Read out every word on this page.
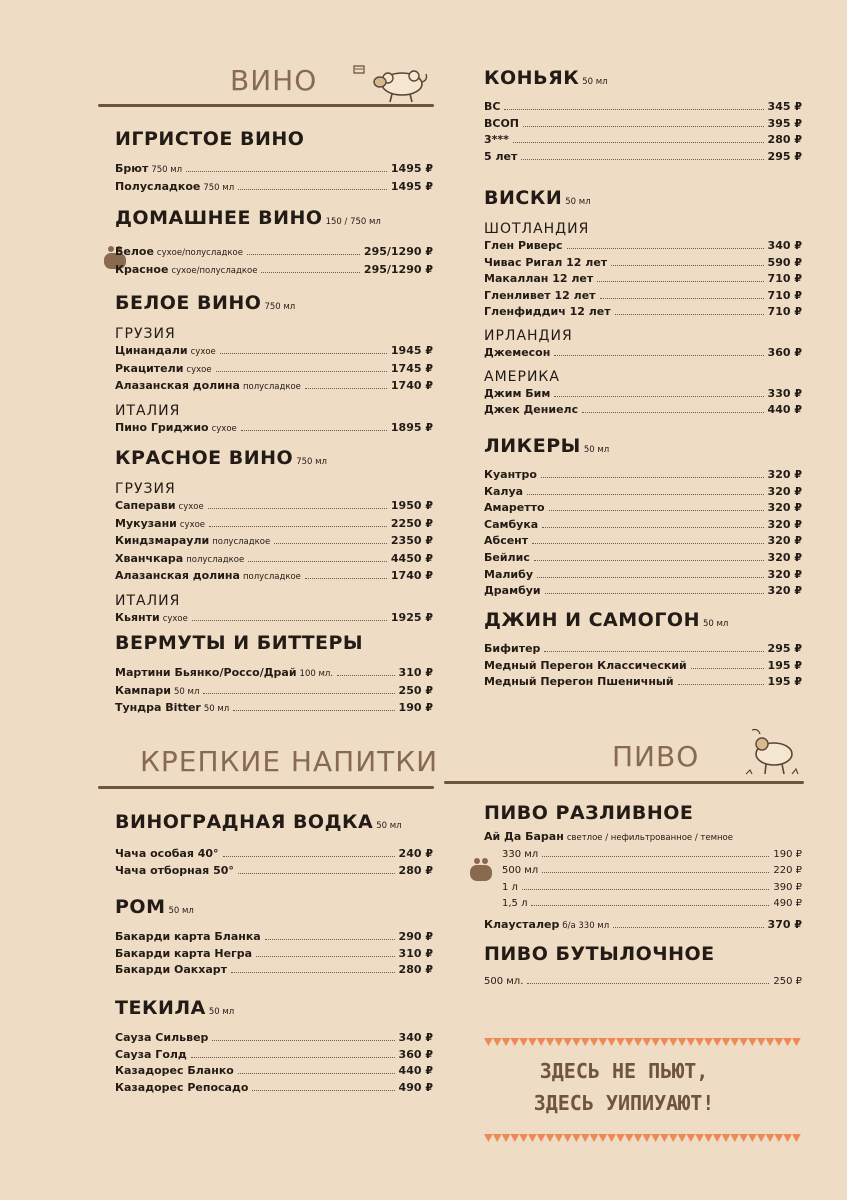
ВИНО
ИГРИСТОЕ ВИНО
Брют 750 мл	1495 ₽
Полусладкое 750 мл	1495 ₽
ДОМАШНЕЕ ВИНО 150 / 750 мл
Белое сухое/полусладкое	295/1290 ₽
Красное сухое/полусладкое	295/1290 ₽
БЕЛОЕ ВИНО 750 мл
ГРУЗИЯ
Цинандали сухое	1945 ₽
Ркацители сухое	1745 ₽
Алазанская долина полусладкое	1740 ₽
ИТАЛИЯ
Пино Гриджио сухое	1895 ₽
КРАСНОЕ ВИНО 750 мл
ГРУЗИЯ
Саперави сухое	1950 ₽
Мукузани сухое	2250 ₽
Киндзмараули полусладкое	2350 ₽
Хванчкара полусладкое	4450 ₽
Алазанская долина полусладкое	1740 ₽
ИТАЛИЯ
Кьянти сухое	1925 ₽
ВЕРМУТЫ И БИТТЕРЫ
Мартини Бьянко/Россо/Драй 100 мл.	310 ₽
Кампари 50 мл	250 ₽
Тундра Bitter 50 мл	190 ₽
КРЕПКИЕ НАПИТКИ
ВИНОГРАДНАЯ ВОДКА 50 мл
Чача особая 40°	240 ₽
Чача отборная 50°	280 ₽
РОМ 50 мл
Бакарди карта Бланка	290 ₽
Бакарди карта Негра	310 ₽
Бакарди Оакхарт	280 ₽
ТЕКИЛА 50 мл
Сауза Сильвер	340 ₽
Сауза Голд	360 ₽
Казадорес Бланко	440 ₽
Казадорес Репосадо	490 ₽
КОНЬЯК 50 мл
ВС	345 ₽
ВСОП	395 ₽
3***	280 ₽
5 лет	295 ₽
ВИСКИ 50 мл
ШОТЛАНДИЯ
Глен Риверс	340 ₽
Чивас Ригал 12 лет	590 ₽
Макаллан 12 лет	710 ₽
Гленливет 12 лет	710 ₽
Гленфиддич 12 лет	710 ₽
ИРЛАНДИЯ
Джемесон	360 ₽
АМЕРИКА
Джим Бим	330 ₽
Джек Дениелс	440 ₽
ЛИКЕРЫ 50 мл
Куантро	320 ₽
Калуа	320 ₽
Амаретто	320 ₽
Самбука	320 ₽
Абсент	320 ₽
Бейлис	320 ₽
Малибу	320 ₽
Драмбуи	320 ₽
ДЖИН И САМОГОН 50 мл
Бифитер	295 ₽
Медный Перегон Классический	195 ₽
Медный Перегон Пшеничный	195 ₽
ПИВО
ПИВО РАЗЛИВНОЕ
Ай Да Баран светлое / нефильтрованное / темное
330 мл	190 ₽
500 мл	220 ₽
1 л	390 ₽
1,5 л	490 ₽
Клаусталер б/а 330 мл	370 ₽
ПИВО БУТЫЛОЧНОЕ
500 мл.	250 ₽
ЗДЕСЬ НЕ ПЬЮТ,
ЗДЕСЬ УИПИУАЮТ!
